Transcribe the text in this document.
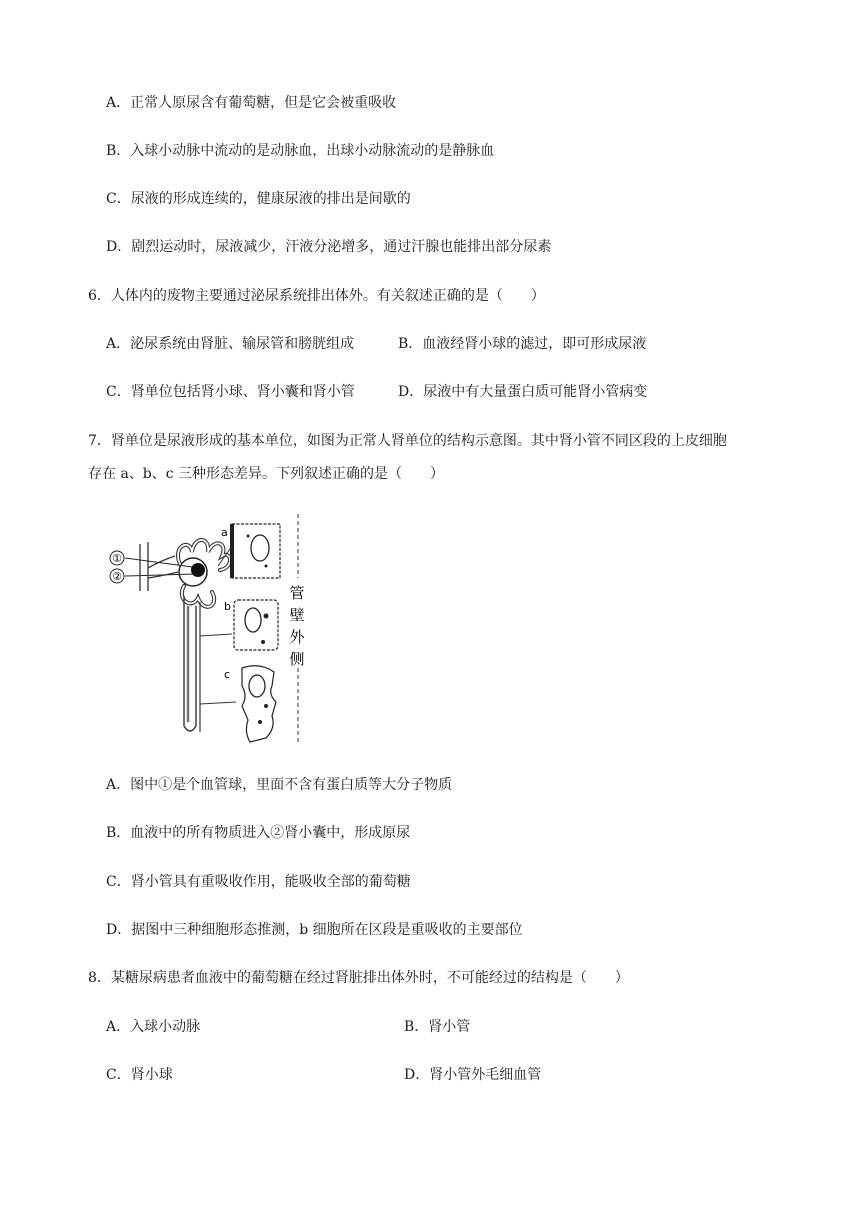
A．正常人原尿含有葡萄糖，但是它会被重吸收
B．入球小动脉中流动的是动脉血，出球小动脉流动的是静脉血
C．尿液的形成连续的，健康尿液的排出是间歇的
D．剧烈运动时，尿液减少，汗液分泌增多，通过汗腺也能排出部分尿素
6．人体内的废物主要通过泌尿系统排出体外。有关叙述正确的是（　　）
A．泌尿系统由肾脏、输尿管和膀胱组成	B．血液经肾小球的滤过，即可形成尿液
C．肾单位包括肾小球、肾小囊和肾小管	D．尿液中有大量蛋白质可能肾小管病变
7．肾单位是尿液形成的基本单位，如图为正常人肾单位的结构示意图。其中肾小管不同区段的上皮细胞
存在 a、b、c 三种形态差异。下列叙述正确的是（　　）
①
②
a
b
c
管
壁
外
侧
A．图中①是个血管球，里面不含有蛋白质等大分子物质
B．血液中的所有物质进入②肾小囊中，形成原尿
C．肾小管具有重吸收作用，能吸收全部的葡萄糖
D．据图中三种细胞形态推测，b 细胞所在区段是重吸收的主要部位
8．某糖尿病患者血液中的葡萄糖在经过肾脏排出体外时，不可能经过的结构是（　　）
A．入球小动脉	B．肾小管
C．肾小球	D．肾小管外毛细血管
